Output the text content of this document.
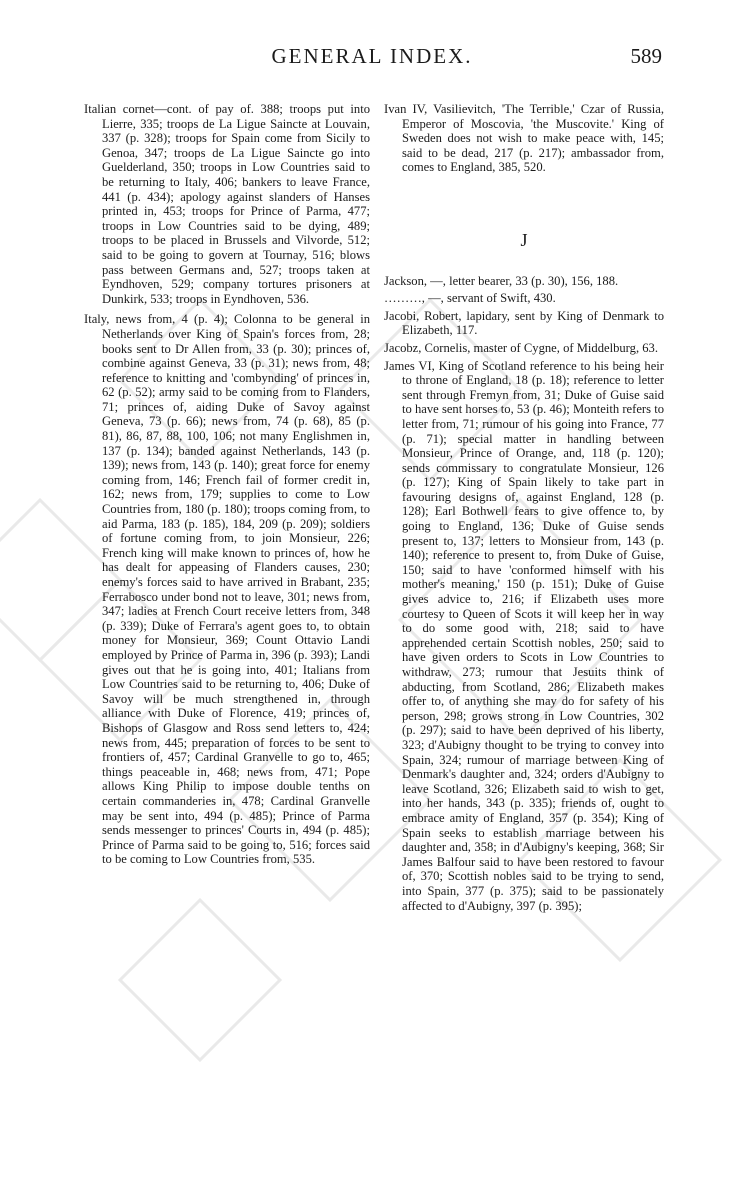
GENERAL INDEX.	589

Italian cornet—cont. of pay of. 388; troops put into Lierre, 335; troops de La Ligue Saincte at Louvain, 337 (p. 328); troops for Spain come from Sicily to Genoa, 347; troops de La Ligue Saincte go into Guelderland, 350; troops in Low Countries said to be returning to Italy, 406; bankers to leave France, 441 (p. 434); apology against slanders of Hanses printed in, 453; troops for Prince of Parma, 477; troops in Low Countries said to be dying, 489; troops to be placed in Brussels and Vilvorde, 512; said to be going to govern at Tournay, 516; blows pass between Germans and, 527; troops taken at Eyndhoven, 529; company tortures prisoners at Dunkirk, 533; troops in Eyndhoven, 536.

Italy, news from, 4 (p. 4); Colonna to be general in Netherlands over King of Spain's forces from, 28; books sent to Dr Allen from, 33 (p. 30); princes of, combine against Geneva, 33 (p. 31); news from, 48; reference to knitting and 'combynding' of princes in, 62 (p. 52); army said to be coming from to Flanders, 71; princes of, aiding Duke of Savoy against Geneva, 73 (p. 66); news from, 74 (p. 68), 85 (p. 81), 86, 87, 88, 100, 106; not many Englishmen in, 137 (p. 134); banded against Netherlands, 143 (p. 139); news from, 143 (p. 140); great force for enemy coming from, 146; French fail of former credit in, 162; news from, 179; supplies to come to Low Countries from, 180 (p. 180); troops coming from, to aid Parma, 183 (p. 185), 184, 209 (p. 209); soldiers of fortune coming from, to join Monsieur, 226; French king will make known to princes of, how he has dealt for appeasing of Flanders causes, 230; enemy's forces said to have arrived in Brabant, 235; Ferrabosco under bond not to leave, 301; news from, 347; ladies at French Court receive letters from, 348 (p. 339); Duke of Ferrara's agent goes to, to obtain money for Monsieur, 369; Count Ottavio Landi employed by Prince of Parma in, 396 (p. 393); Landi gives out that he is going into, 401; Italians from Low Countries said to be returning to, 406; Duke of Savoy will be much strengthened in, through alliance with Duke of Florence, 419; princes of, Bishops of Glasgow and Ross send letters to, 424; news from, 445; preparation of forces to be sent to frontiers of, 457; Cardinal Granvelle to go to, 465; things peaceable in, 468; news from, 471; Pope allows King Philip to impose double tenths on certain commanderies in, 478; Cardinal Granvelle may be sent into, 494 (p. 485); Prince of Parma sends messenger to princes' Courts in, 494 (p. 485); Prince of Parma said to be going to, 516; forces said to be coming to Low Countries from, 535.

Ivan IV, Vasilievitch, 'The Terrible,' Czar of Russia, Emperor of Moscovia, 'the Muscovite.' King of Sweden does not wish to make peace with, 145; said to be dead, 217 (p. 217); ambassador from, comes to England, 385, 520.

J

Jackson, —, letter bearer, 33 (p. 30), 156, 188.

………, —, servant of Swift, 430.

Jacobi, Robert, lapidary, sent by King of Denmark to Elizabeth, 117.

Jacobz, Cornelis, master of Cygne, of Middelburg, 63.

James VI, King of Scotland reference to his being heir to throne of England, 18 (p. 18); reference to letter sent through Fremyn from, 31; Duke of Guise said to have sent horses to, 53 (p. 46); Monteith refers to letter from, 71; rumour of his going into France, 77 (p. 71); special matter in handling between Monsieur, Prince of Orange, and, 118 (p. 120); sends commissary to congratulate Monsieur, 126 (p. 127); King of Spain likely to take part in favouring designs of, against England, 128 (p. 128); Earl Bothwell fears to give offence to, by going to England, 136; Duke of Guise sends present to, 137; letters to Monsieur from, 143 (p. 140); reference to present to, from Duke of Guise, 150; said to have 'conformed himself with his mother's meaning,' 150 (p. 151); Duke of Guise gives advice to, 216; if Elizabeth uses more courtesy to Queen of Scots it will keep her in way to do some good with, 218; said to have apprehended certain Scottish nobles, 250; said to have given orders to Scots in Low Countries to withdraw, 273; rumour that Jesuits think of abducting, from Scotland, 286; Elizabeth makes offer to, of anything she may do for safety of his person, 298; grows strong in Low Countries, 302 (p. 297); said to have been deprived of his liberty, 323; d'Aubigny thought to be trying to convey into Spain, 324; rumour of marriage between King of Denmark's daughter and, 324; orders d'Aubigny to leave Scotland, 326; Elizabeth said to wish to get, into her hands, 343 (p. 335); friends of, ought to embrace amity of England, 357 (p. 354); King of Spain seeks to establish marriage between his daughter and, 358; in d'Aubigny's keeping, 368; Sir James Balfour said to have been restored to favour of, 370; Scottish nobles said to be trying to send, into Spain, 377 (p. 375); said to be passionately affected to d'Aubigny, 397 (p. 395);
